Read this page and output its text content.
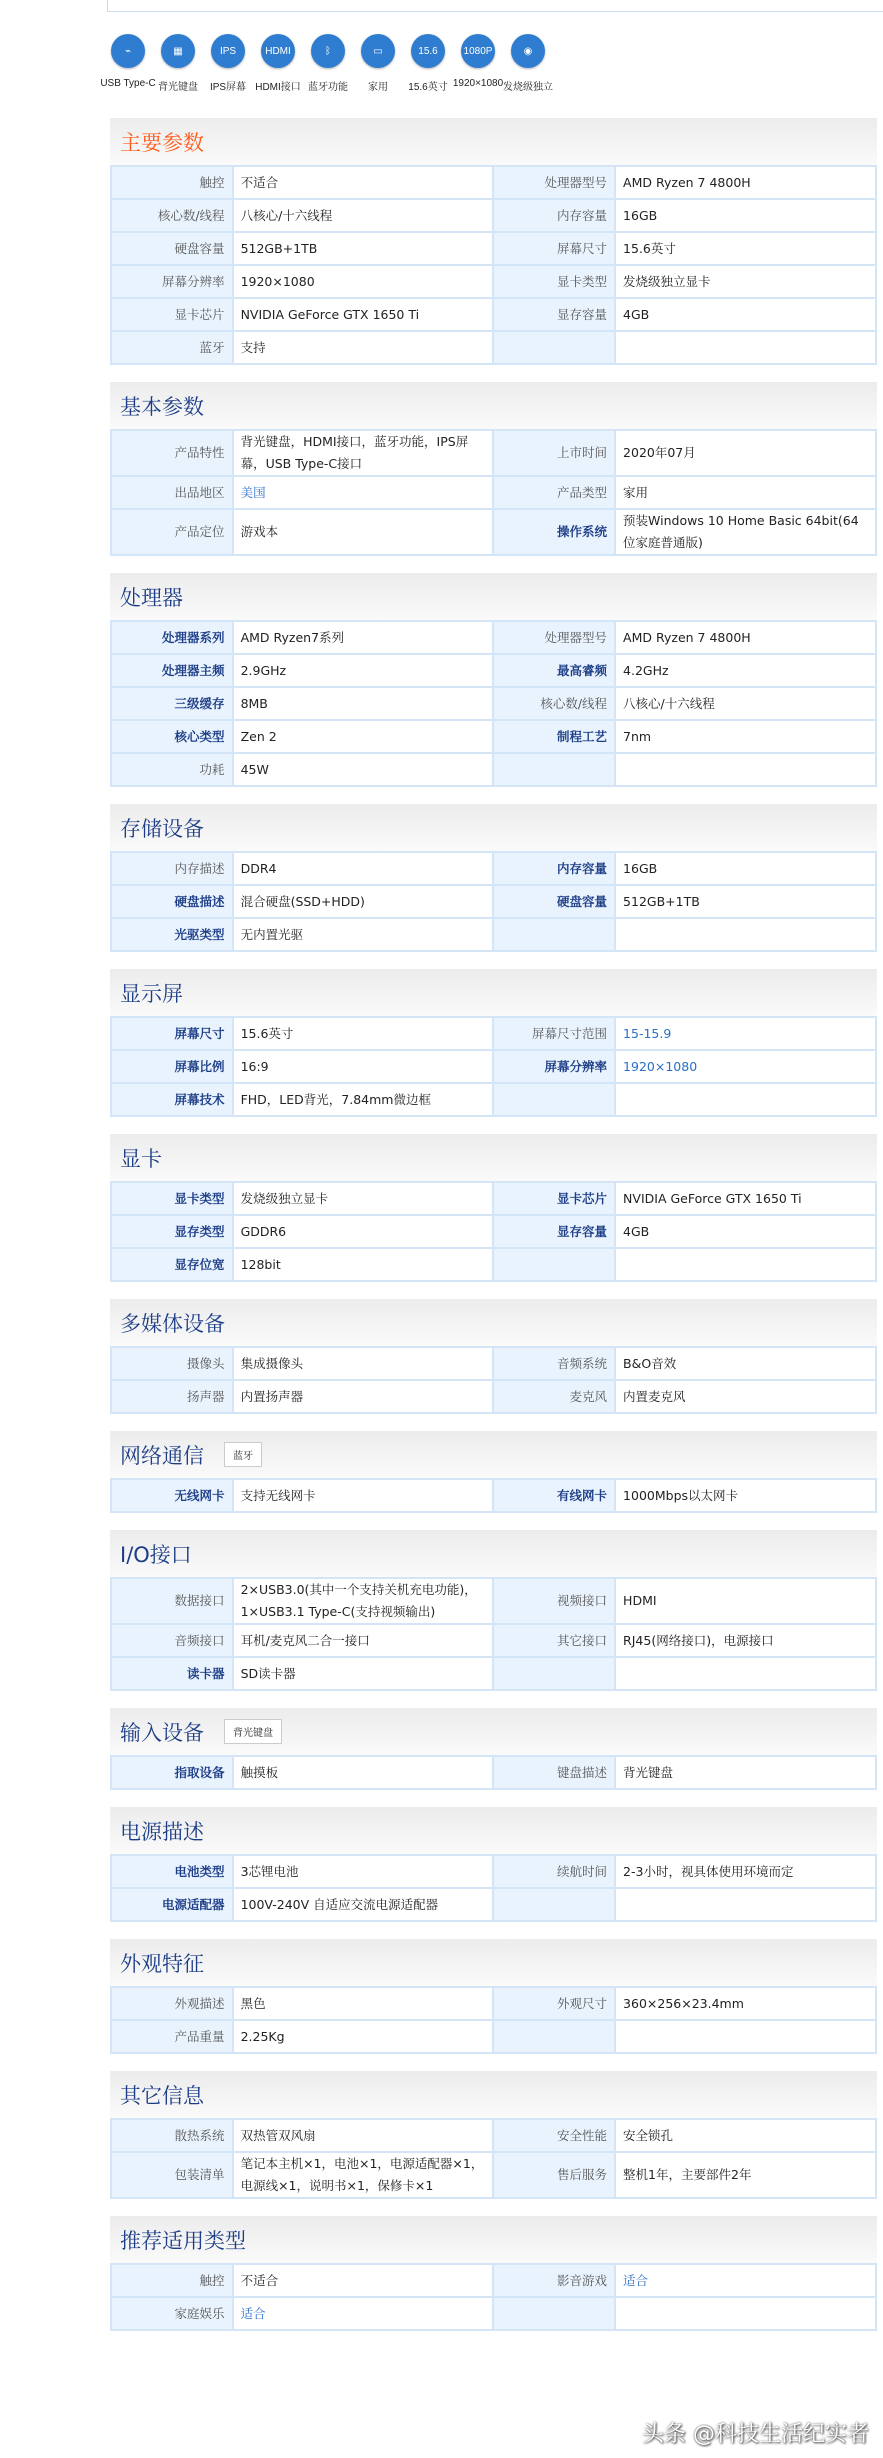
⌁
USB Type-C
▦
背光键盘
IPS
IPS屏幕
HDMI
HDMI接口
ᛒ
蓝牙功能
▭
家用
15.6
15.6英寸
1080P
1920×1080
◉
发烧级独立
主要参数
触控	不适合	处理器型号	AMD Ryzen 7 4800H
核心数/线程	八核心/十六线程	内存容量	16GB
硬盘容量	512GB+1TB	屏幕尺寸	15.6英寸
屏幕分辨率	1920×1080	显卡类型	发烧级独立显卡
显卡芯片	NVIDIA GeForce GTX 1650 Ti	显存容量	4GB
蓝牙	支持		
基本参数
产品特性	背光键盘，HDMI接口，蓝牙功能，IPS屏幕，USB Type-C接口	上市时间	2020年07月
出品地区	美国	产品类型	家用
产品定位	游戏本	操作系统	预装Windows 10 Home Basic 64bit(64位家庭普通版)
处理器
处理器系列	AMD Ryzen7系列	处理器型号	AMD Ryzen 7 4800H
处理器主频	2.9GHz	最高睿频	4.2GHz
三级缓存	8MB	核心数/线程	八核心/十六线程
核心类型	Zen 2	制程工艺	7nm
功耗	45W		
存储设备
内存描述	DDR4	内存容量	16GB
硬盘描述	混合硬盘(SSD+HDD)	硬盘容量	512GB+1TB
光驱类型	无内置光驱		
显示屏
屏幕尺寸	15.6英寸	屏幕尺寸范围	15-15.9
屏幕比例	16:9	屏幕分辨率	1920×1080
屏幕技术	FHD，LED背光，7.84mm微边框		
显卡
显卡类型	发烧级独立显卡	显卡芯片	NVIDIA GeForce GTX 1650 Ti
显存类型	GDDR6	显存容量	4GB
显存位宽	128bit		
多媒体设备
摄像头	集成摄像头	音频系统	B&O音效
扬声器	内置扬声器	麦克风	内置麦克风
网络通信	蓝牙
无线网卡	支持无线网卡	有线网卡	1000Mbps以太网卡
I/O接口
数据接口	2×USB3.0(其中一个支持关机充电功能)，1×USB3.1 Type-C(支持视频输出)	视频接口	HDMI
音频接口	耳机/麦克风二合一接口	其它接口	RJ45(网络接口)，电源接口
读卡器	SD读卡器		
输入设备	背光键盘
指取设备	触摸板	键盘描述	背光键盘
电源描述
电池类型	3芯锂电池	续航时间	2-3小时，视具体使用环境而定
电源适配器	100V-240V 自适应交流电源适配器		
外观特征
外观描述	黑色	外观尺寸	360×256×23.4mm
产品重量	2.25Kg		
其它信息
散热系统	双热管双风扇	安全性能	安全锁孔
包装清单	笔记本主机×1，电池×1，电源适配器×1，电源线×1，说明书×1，保修卡×1	售后服务	整机1年，主要部件2年
推荐适用类型
触控	不适合	影音游戏	适合
家庭娱乐	适合		
头条 @科技生活纪实者
